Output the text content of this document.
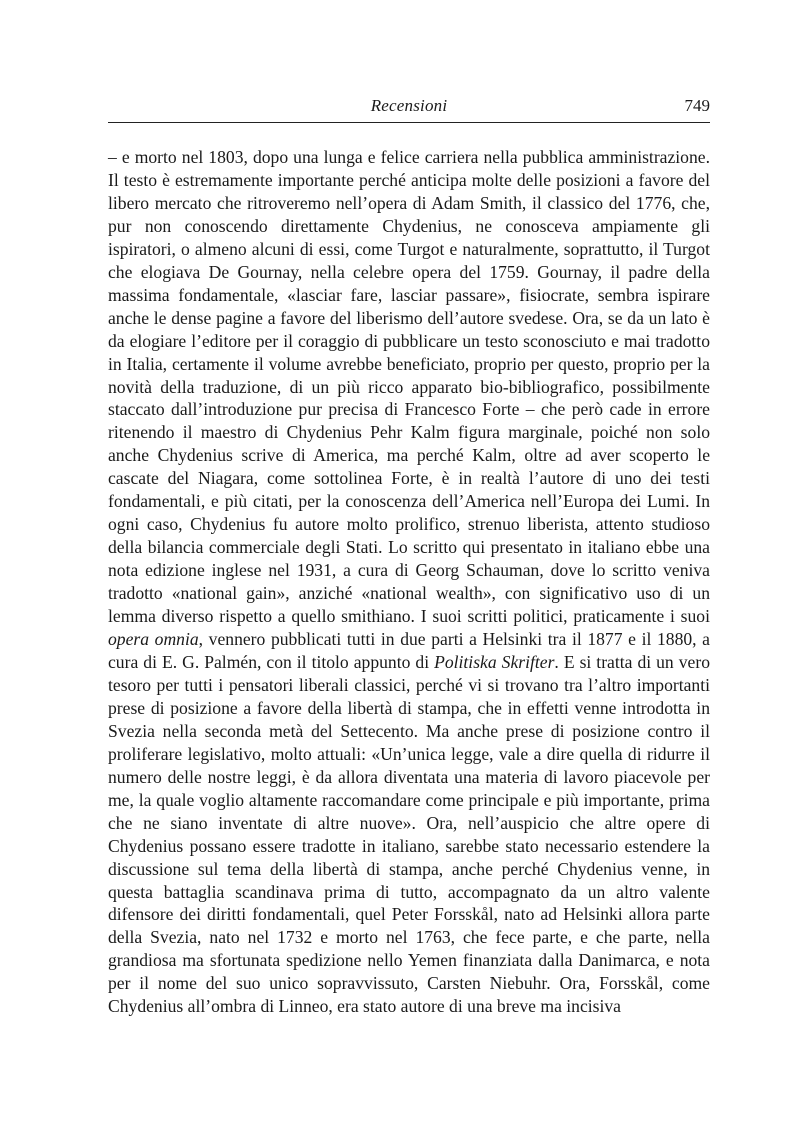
Recensioni	749

– e morto nel 1803, dopo una lunga e felice carriera nella pubblica amministrazione. Il testo è estremamente importante perché anticipa molte delle posizioni a favore del libero mercato che ritroveremo nell’opera di Adam Smith, il classico del 1776, che, pur non conoscendo direttamente Chydenius, ne conosceva ampiamente gli ispiratori, o almeno alcuni di essi, come Turgot e naturalmente, soprattutto, il Turgot che elogiava De Gournay, nella celebre opera del 1759. Gournay, il padre della massima fondamentale, «lasciar fare, lasciar passare», fisiocrate, sembra ispirare anche le dense pagine a favore del liberismo dell’autore svedese. Ora, se da un lato è da elogiare l’editore per il coraggio di pubblicare un testo sconosciuto e mai tradotto in Italia, certamente il volume avrebbe beneficiato, proprio per questo, proprio per la novità della traduzione, di un più ricco apparato bio-bibliografico, possibilmente staccato dall’introduzione pur precisa di Francesco Forte – che però cade in errore ritenendo il maestro di Chydenius Pehr Kalm figura marginale, poiché non solo anche Chydenius scrive di America, ma perché Kalm, oltre ad aver scoperto le cascate del Niagara, come sottolinea Forte, è in realtà l’autore di uno dei testi fondamentali, e più citati, per la conoscenza dell’America nell’Europa dei Lumi. In ogni caso, Chydenius fu autore molto prolifico, strenuo liberista, attento studioso della bilancia commerciale degli Stati. Lo scritto qui presentato in italiano ebbe una nota edizione inglese nel 1931, a cura di Georg Schauman, dove lo scritto veniva tradotto «national gain», anziché «national wealth», con significativo uso di un lemma diverso rispetto a quello smithiano. I suoi scritti politici, praticamente i suoi opera omnia, vennero pubblicati tutti in due parti a Helsinki tra il 1877 e il 1880, a cura di E. G. Palmén, con il titolo appunto di Politiska Skrifter. E si tratta di un vero tesoro per tutti i pensatori liberali classici, perché vi si trovano tra l’altro importanti prese di posizione a favore della libertà di stampa, che in effetti venne introdotta in Svezia nella seconda metà del Settecento. Ma anche prese di posizione contro il proliferare legislativo, molto attuali: «Un’unica legge, vale a dire quella di ridurre il numero delle nostre leggi, è da allora diventata una materia di lavoro piacevole per me, la quale voglio altamente raccomandare come principale e più importante, prima che ne siano inventate di altre nuove». Ora, nell’auspicio che altre opere di Chydenius possano essere tradotte in italiano, sarebbe stato necessario estendere la discussione sul tema della libertà di stampa, anche perché Chydenius venne, in questa battaglia scandinava prima di tutto, accompagnato da un altro valente difensore dei diritti fondamentali, quel Peter Forsskål, nato ad Helsinki allora parte della Svezia, nato nel 1732 e morto nel 1763, che fece parte, e che parte, nella grandiosa ma sfortunata spedizione nello Yemen finanziata dalla Danimarca, e nota per il nome del suo unico sopravvissuto, Carsten Niebuhr. Ora, Forsskål, come Chydenius all’ombra di Linneo, era stato autore di una breve ma incisiva
